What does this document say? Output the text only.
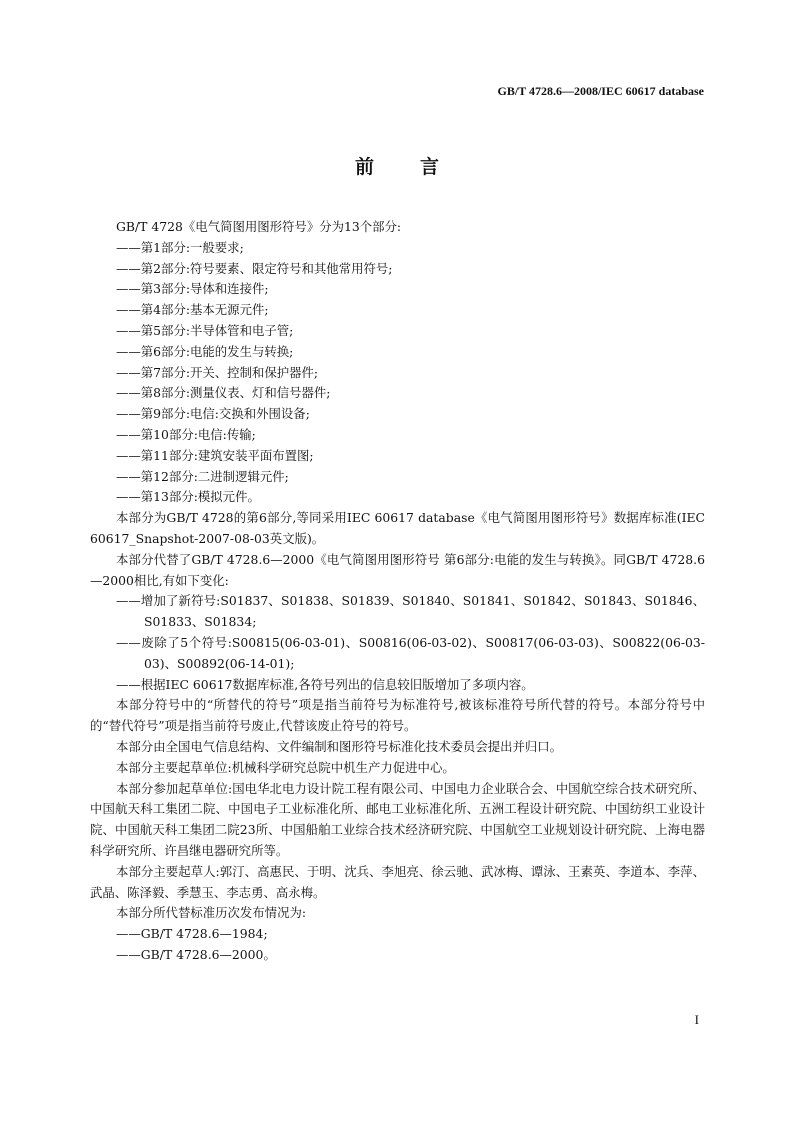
GB/T 4728.6—2008/IEC 60617 database
前言

GB/T 4728《电气简图用图形符号》分为13个部分:

——第1部分:一般要求;

——第2部分:符号要素、限定符号和其他常用符号;

——第3部分:导体和连接件;

——第4部分:基本无源元件;

——第5部分:半导体管和电子管;

——第6部分:电能的发生与转换;

——第7部分:开关、控制和保护器件;

——第8部分:测量仪表、灯和信号器件;

——第9部分:电信:交换和外围设备;

——第10部分:电信:传输;

——第11部分:建筑安装平面布置图;

——第12部分:二进制逻辑元件;

——第13部分:模拟元件。

本部分为GB/T 4728的第6部分,等同采用IEC 60617 database《电气简图用图形符号》数据库标准(IEC 60617_Snapshot-2007-08-03英文版)。

本部分代替了GB/T 4728.6—2000《电气简图用图形符号 第6部分:电能的发生与转换》。同GB/T 4728.6—2000相比,有如下变化:

——增加了新符号:S01837、S01838、S01839、S01840、S01841、S01842、S01843、S01846、S01833、S01834;

——废除了5个符号:S00815(06-03-01)、S00816(06-03-02)、S00817(06-03-03)、S00822(06-03-03)、S00892(06-14-01);

——根据IEC 60617数据库标准,各符号列出的信息较旧版增加了多项内容。

本部分符号中的“所替代的符号”项是指当前符号为标准符号,被该标准符号所代替的符号。本部分符号中的“替代符号”项是指当前符号废止,代替该废止符号的符号。

本部分由全国电气信息结构、文件编制和图形符号标准化技术委员会提出并归口。

本部分主要起草单位:机械科学研究总院中机生产力促进中心。

本部分参加起草单位:国电华北电力设计院工程有限公司、中国电力企业联合会、中国航空综合技术研究所、中国航天科工集团二院、中国电子工业标准化所、邮电工业标准化所、五洲工程设计研究院、中国纺织工业设计院、中国航天科工集团二院23所、中国船舶工业综合技术经济研究院、中国航空工业规划设计研究院、上海电器科学研究所、许昌继电器研究所等。

本部分主要起草人:郭汀、高惠民、于明、沈兵、李旭亮、徐云驰、武冰梅、谭泳、王素英、李道本、李萍、武晶、陈泽毅、季慧玉、李志勇、高永梅。

本部分所代替标准历次发布情况为:

——GB/T 4728.6—1984;

——GB/T 4728.6—2000。

I
